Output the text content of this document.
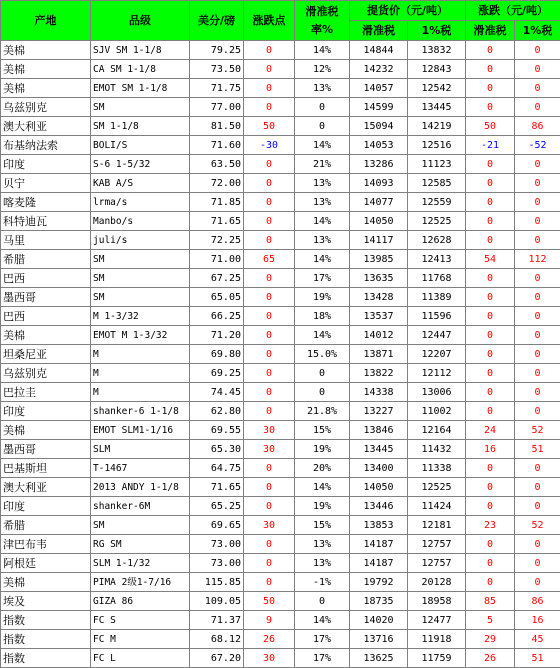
产地	品级	美分/磅	涨跌点	滑准税率%	提货价（元/吨）		涨跌（元/吨）	
					滑准税	1%税	滑准税	1%税
美棉	SJV SM 1-1/8	79.25	0	14%	14844	13832	0	0
美棉	CA SM 1-1/8	73.50	0	12%	14232	12843	0	0
美棉	EMOT SM 1-1/8	71.75	0	13%	14057	12542	0	0
乌兹别克	SM	77.00	0	0	14599	13445	0	0
澳大利亚	SM 1-1/8	81.50	50	0	15094	14219	50	86
布基纳法索	BOLI/S	71.60	-30	14%	14053	12516	-21	-52
印度	S-6 1-5/32	63.50	0	21%	13286	11123	0	0
贝宁	KAB A/S	72.00	0	13%	14093	12585	0	0
喀麦隆	lrma/s	71.85	0	13%	14077	12559	0	0
科特迪瓦	Manbo/s	71.65	0	14%	14050	12525	0	0
马里	juli/s	72.25	0	13%	14117	12628	0	0
希腊	SM	71.00	65	14%	13985	12413	54	112
巴西	SM	67.25	0	17%	13635	11768	0	0
墨西哥	SM	65.05	0	19%	13428	11389	0	0
巴西	M 1-3/32	66.25	0	18%	13537	11596	0	0
美棉	EMOT M 1-3/32	71.20	0	14%	14012	12447	0	0
坦桑尼亚	M	69.80	0	15.0%	13871	12207	0	0
乌兹别克	M	69.25	0	0	13822	12112	0	0
巴拉圭	M	74.45	0	0	14338	13006	0	0
印度	shanker-6 1-1/8	62.80	0	21.8%	13227	11002	0	0
美棉	EMOT SLM1-1/16	69.55	30	15%	13846	12164	24	52
墨西哥	SLM	65.30	30	19%	13445	11432	16	51
巴基斯坦	T-1467	64.75	0	20%	13400	11338	0	0
澳大利亚	2013 ANDY 1-1/8	71.65	0	14%	14050	12525	0	0
印度	shanker-6M	65.25	0	19%	13446	11424	0	0
希腊	SM	69.65	30	15%	13853	12181	23	52
津巴布韦	RG SM	73.00	0	13%	14187	12757	0	0
阿根廷	SLM 1-1/32	73.00	0	13%	14187	12757	0	0
美棉	PIMA 2级1-7/16	115.85	0	-1%	19792	20128	0	0
埃及	GIZA 86	109.05	50	0	18735	18958	85	86
指数	FC S	71.37	9	14%	14020	12477	5	16
指数	FC M	68.12	26	17%	13716	11918	29	45
指数	FC L	67.20	30	17%	13625	11759	26	51
